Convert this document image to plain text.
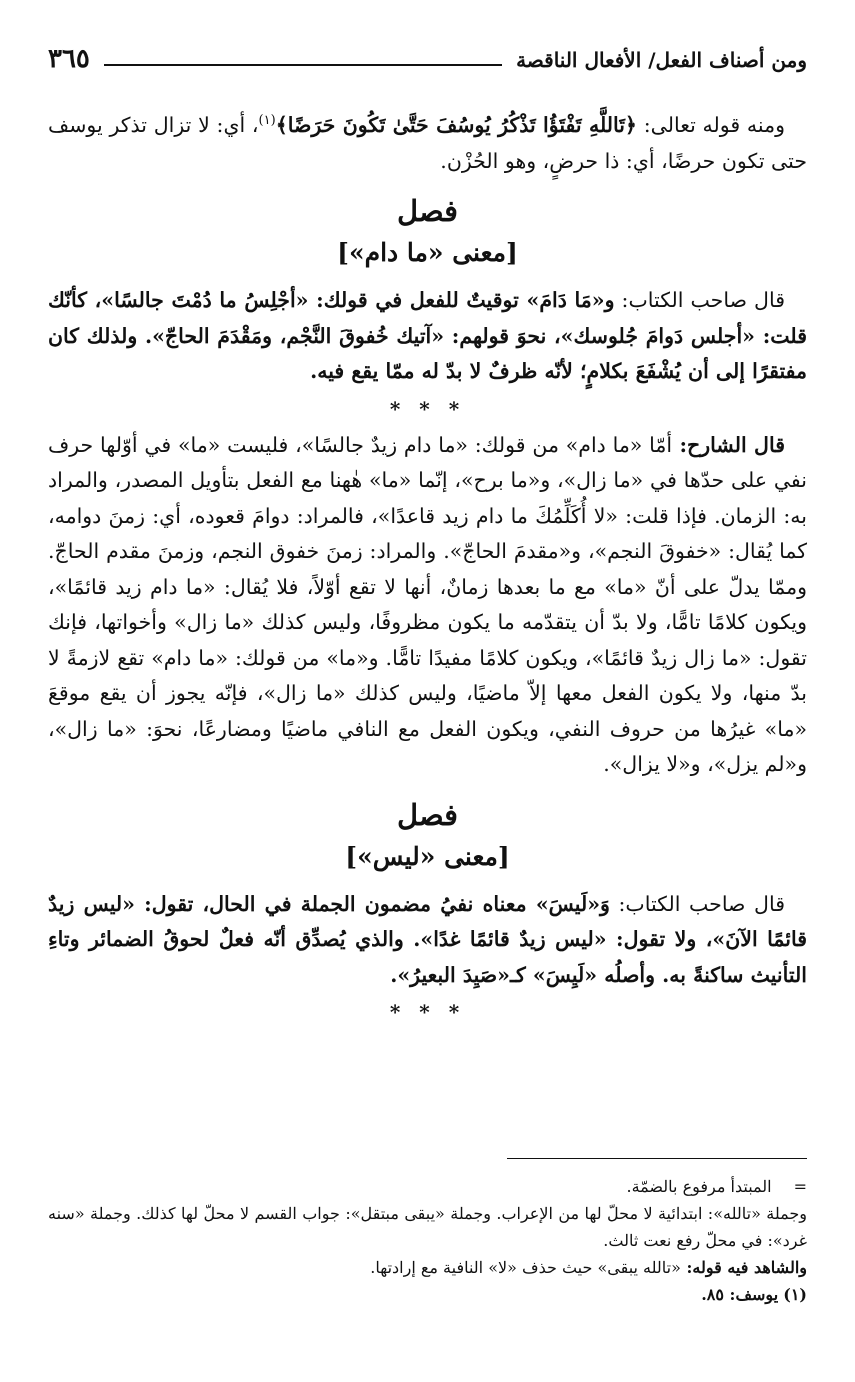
ومن أصناف الفعل/ الأفعال الناقصة
٣٦٥

ومنه قوله تعالى: ﴿تَاللَّهِ تَفْتَؤُا تَذْكُرُ يُوسُفَ حَتَّىٰ تَكُونَ حَرَضًا﴾$^{(١)}$، أي: لا تزال تذكر يوسف حتى تكون حرضًا، أي: ذا حرضٍ، وهو الحُزْن.

فصل
[معنى «ما دام»]

قال صاحب الكتاب: و«مَا دَامَ» توقيتٌ للفعل في قولك: «أجْلِسُ ما دُمْتَ جالسًا»، كأنّك قلت: «أجلس دَوامَ جُلوسك»، نحوَ قولهم: «آتيك خُفوقَ النَّجْم، ومَقْدَمَ الحاجّ». ولذلك كان مفتقرًا إلى أن يُشْفَعَ بكلامٍ؛ لأنّه ظرفٌ لا بدّ له ممّا يقع فيه.

* * *

قال الشارح: أمّا «ما دام» من قولك: «ما دام زيدٌ جالسًا»، فليست «ما» في أوّلها حرف نفي على حدّها في «ما زال»، و«ما برح»، إنّما «ما» هٰهنا مع الفعل بتأويل المصدر، والمراد به: الزمان. فإذا قلت: «لا أُكَلِّمُكَ ما دام زيد قاعدًا»، فالمراد: دوامَ قعوده، أي: زمنَ دوامه، كما يُقال: «خفوقَ النجم»، و«مقدمَ الحاجّ». والمراد: زمنَ خفوق النجم، وزمنَ مقدم الحاجّ. وممّا يدلّ على أنّ «ما» مع ما بعدها زمانٌ، أنها لا تقع أوّلاً، فلا يُقال: «ما دام زيد قائمًا»، ويكون كلامًا تامًّا، ولا بدّ أن يتقدّمه ما يكون مظروفًا، وليس كذلك «ما زال» وأخواتها، فإنك تقول: «ما زال زيدٌ قائمًا»، ويكون كلامًا مفيدًا تامًّا. و«ما» من قولك: «ما دام» تقع لازمةً لا بدّ منها، ولا يكون الفعل معها إلاّ ماضيًا، وليس كذلك «ما زال»، فإنّه يجوز أن يقع موقعَ «ما» غيرُها من حروف النفي، ويكون الفعل مع النافي ماضيًا ومضارعًا، نحوَ: «ما زال»، و«لم يزل»، و«لا يزال».

فصل
[معنى «ليس»]

قال صاحب الكتاب: وَ«لَيسَ» معناه نفيُ مضمون الجملة في الحال، تقول: «ليس زيدٌ قائمًا الآنَ»، ولا تقول: «ليس زيدٌ قائمًا غدًا». والذي يُصدِّق أنّه فعلٌ لحوقُ الضمائر وتاءِ التأنيث ساكنةً به. وأصلُه «لَيِسَ» كـ«صَيِدَ البعيرُ».

* * *
=المبتدأ مرفوع بالضمّة.
وجملة «تالله»: ابتدائية لا محلّ لها من الإعراب. وجملة «يبقى مبتقل»: جواب القسم لا محلّ لها كذلك. وجملة «سنه غرد»: في محلّ رفع نعت ثالث.
والشاهد فيه قوله: «تالله يبقى» حيث حذف «لا» النافية مع إرادتها.
(١) يوسف: ٨٥.
